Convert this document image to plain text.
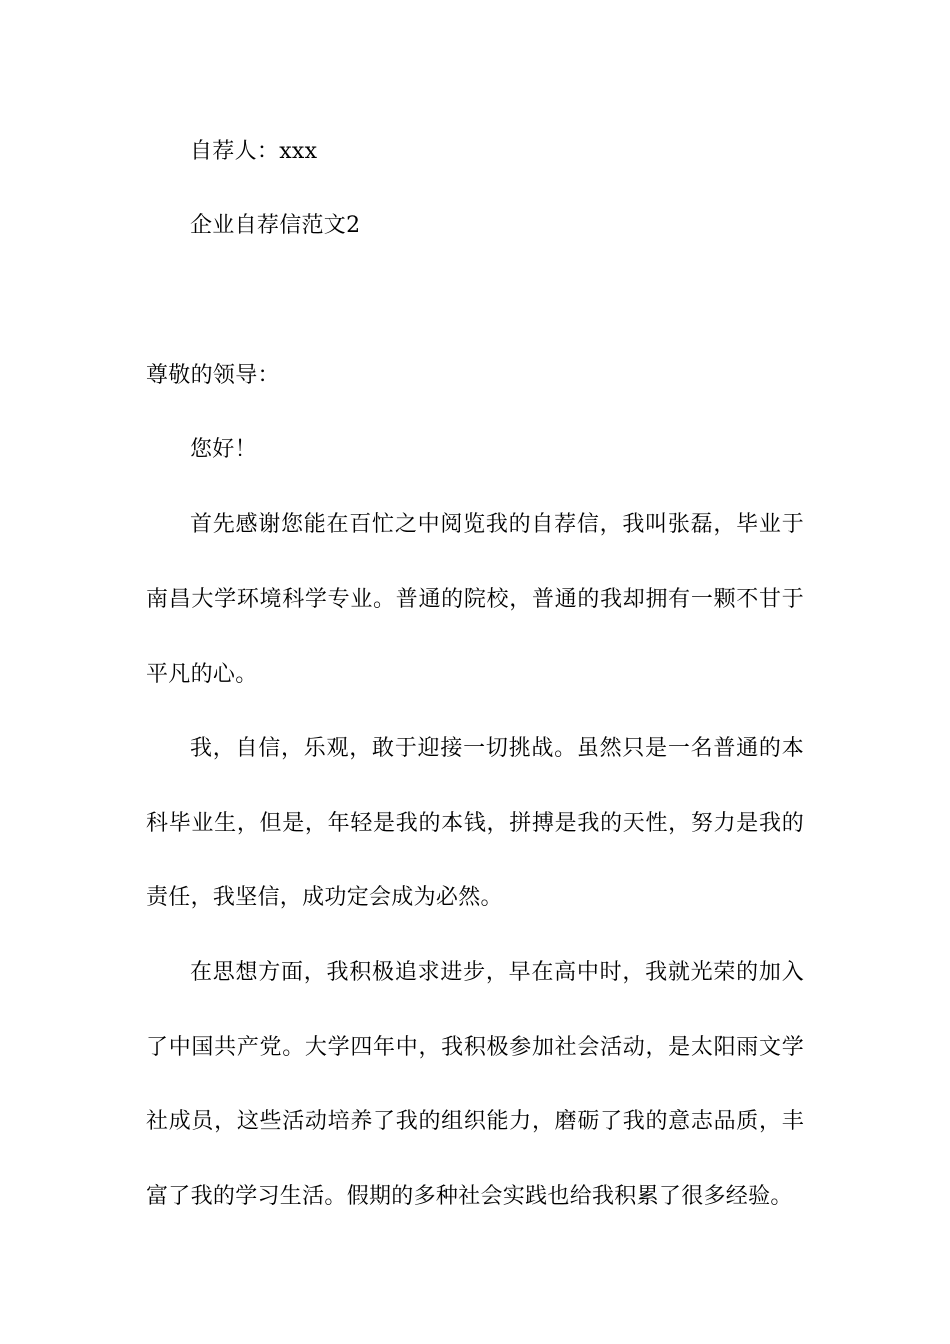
自荐人：xxx
企业自荐信范文2
尊敬的领导：
您好！
首先感谢您能在百忙之中阅览我的自荐信，我叫张磊，毕业于
南昌大学环境科学专业。普通的院校，普通的我却拥有一颗不甘于
平凡的心。
我，自信，乐观，敢于迎接一切挑战。虽然只是一名普通的本
科毕业生，但是，年轻是我的本钱，拼搏是我的天性，努力是我的
责任，我坚信，成功定会成为必然。
在思想方面，我积极追求进步，早在高中时，我就光荣的加入
了中国共产党。大学四年中，我积极参加社会活动，是太阳雨文学
社成员，这些活动培养了我的组织能力，磨砺了我的意志品质，丰
富了我的学习生活。假期的多种社会实践也给我积累了很多经验。
